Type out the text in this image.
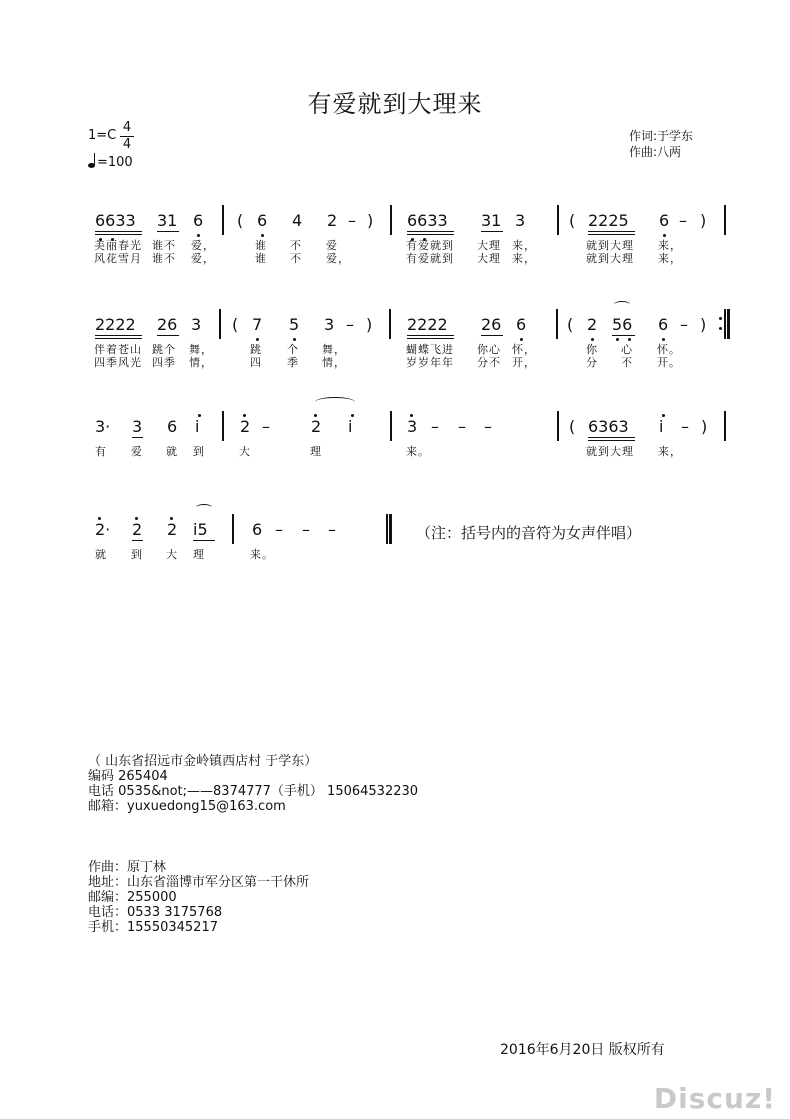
有爱就到大理来
1=C
4
4
=100
作词:于学东
作曲:八两
6633 31 6 ( 6 4 2 – ) 6633 31 3	( 2225 6 – )
美丽春光 谁不 爱，	谁 不 爱	有爱就到 大理 来，	就到大理 来，
风花雪月 谁不 爱，	谁 不 爱，	有爱就到 大理 来，	就到大理 来，
2222 26 3 ( 7 5 3 – ) 2222 26 6	( 2 56 6 – )
伴着苍山 跳个 舞，	跳 个 舞，	蝴蝶飞进 你心 怀，	你 心 怀。
四季风光 四季 情，	四 季 情，	岁岁年年 分不 开，	分 不 开。
3· 3 6 i	2 –	2 i	3 – – –	( 6363 i – )
有 爱 就 到	大	理	来。	就到大理 来，
2· 2 2 i5	6 – – –
就 到 大 理	来。
（注：括号内的音符为女声伴唱）
（ 山东省招远市金岭镇西店村 于学东）
编码 265404
电话 0535&not;——8374777（手机） 15064532230
邮箱：yuxuedong15@163.com
作曲：原丁林
地址：山东省淄博市军分区第一干休所
邮编：255000
电话：0533 3175768
手机：15550345217
2016年6月20日 版权所有
Discuz!
